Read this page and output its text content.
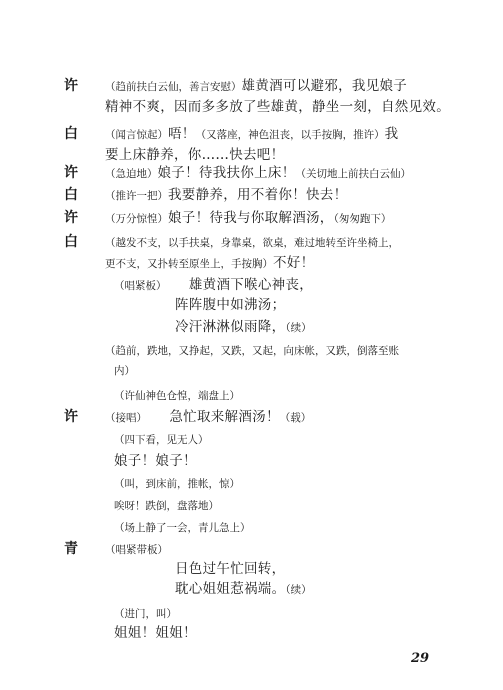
许	（趋前扶白云仙，善言安慰）雄黄酒可以避邪，我见娘子
精神不爽，因而多多放了些雄黄，静坐一刻，自然见效。
白	（闻言惊起）唔！（又落座，神色沮丧，以手按胸，推许）我
要上床静养，你……快去吧！
许	（急迫地）娘子！待我扶你上床！（关切地上前扶白云仙）
白	（推许一把）我要静养，用不着你！快去！
许	（万分惊惶）娘子！待我与你取解酒汤，（匆匆跑下）
白	（越发不支，以手扶桌，身靠桌，欲桌，难过地转至许坐椅上，
更不支，又扑转至原坐上，手按胸）不好！
（唱紧板）　　雄黄酒下喉心神丧，
阵阵腹中如沸汤；
冷汗淋淋似雨降，（续）
（趋前，跌地，又挣起，又跌，又起，向床帐，又跌，倒落至账
内）
（许仙神色仓惶，端盘上）
许	（接唱）　　急忙取来解酒汤！（载）
（四下看，见无人）
娘子！娘子！
（叫，到床前，推帐，惊）
唉呀！跌倒，盘落地）
（场上静了一会，青儿急上）
青	（唱紧带板）
日色过午忙回转，
耽心姐姐惹祸端。（续）
（进门，叫）
姐姐！姐姐！
29
